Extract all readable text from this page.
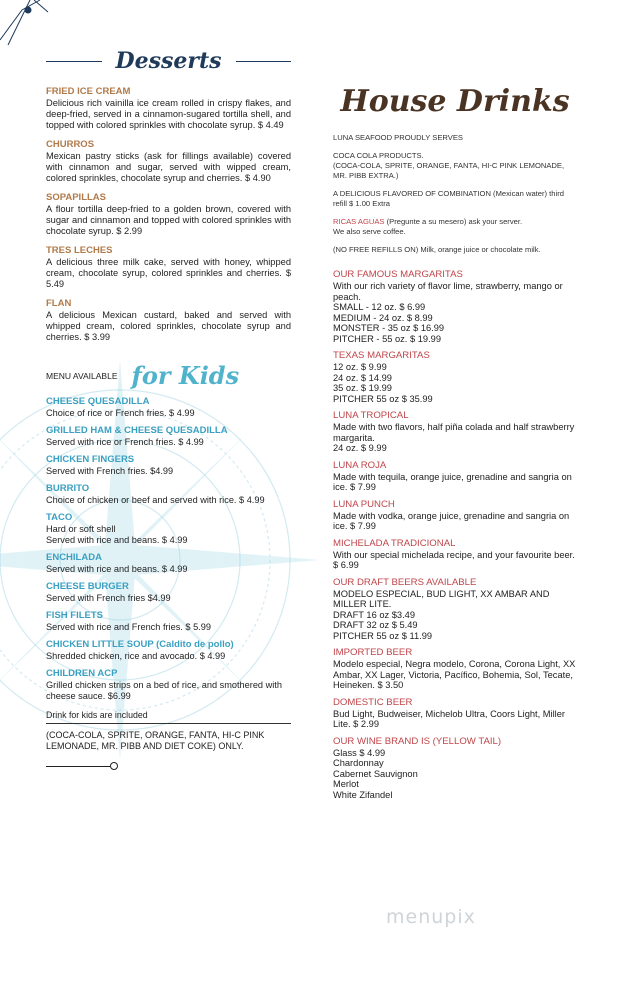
Desserts
FRIED ICE CREAM
Delicious rich vainilla ice cream rolled in crispy flakes, and deep-fried, served in a cinnamon-sugared tortilla shell, and topped with colored sprinkles with chocolate syrup. $ 4.49
CHURROS
Mexican pastry sticks (ask for fillings available) covered with cinnamon and sugar, served with wipped cream, colored sprinkles, chocolate syrup and cherries. $ 4.90
SOPAPILLAS
A flour tortilla deep-fried to a golden brown, covered with sugar and cinnamon and topped with colored sprinkles with chocolate syrup. $ 2.99
TRES LECHES
A delicious three milk cake, served with honey, whipped cream, chocolate syrup, colored sprinkles and cherries. $ 5.49
FLAN
A delicious Mexican custard, baked and served with whipped cream, colored sprinkles, chocolate syrup and cherries. $ 3.99
MENU AVAILABLE for Kids
CHEESE QUESADILLA
Choice of rice or French fries. $ 4.99
GRILLED HAM & CHEESE QUESADILLA
Served with rice or French fries. $ 4.99
CHICKEN FINGERS
Served with French fries. $4.99
BURRITO
Choice of chicken or beef and served with rice. $ 4.99
TACO
Hard or soft shell
Served with rice and beans. $ 4.99
ENCHILADA
Served with rice and beans. $ 4.99
CHEESE BURGER
Served with French fries $4.99
FISH FILETS
Served with rice and French fries. $ 5.99
CHICKEN LITTLE SOUP (Caldito de pollo)
Shredded chicken, rice and avocado. $ 4.99
CHILDREN ACP
Grilled chicken strips on a bed of rice, and smothered with cheese sauce. $6.99
Drink for kids are included
(COCA-COLA, SPRITE, ORANGE, FANTA, HI-C PINK LEMONADE, MR. PIBB AND DIET COKE) ONLY.
House Drinks
LUNA SEAFOOD PROUDLY SERVES
COCA COLA PRODUCTS.
(COCA-COLA, SPRITE, ORANGE, FANTA, HI-C PINK LEMONADE, MR. PIBB EXTRA.)
A DELICIOUS FLAVORED OF COMBINATION (Mexican water) third refill $ 1.00 Extra
RICAS AGUAS (Pregunte a su mesero) ask your server.
We also serve coffee.
(NO FREE REFILLS ON) Milk, orange juice or chocolate milk.
OUR FAMOUS MARGARITAS
With our rich variety of flavor lime, strawberry, mango or peach.
SMALL - 12 oz. $ 6.99
MEDIUM - 24 oz. $ 8.99
MONSTER - 35 oz $ 16.99
PITCHER - 55 oz. $ 19.99
TEXAS MARGARITAS
12 oz. $ 9.99
24 oz. $ 14.99
35 oz. $ 19.99
PITCHER 55 oz $ 35.99
LUNA TROPICAL
Made with two flavors, half piña colada and half strawberry margarita.
24 oz. $ 9.99
LUNA ROJA
Made with tequila, orange juice, grenadine and sangria on ice. $ 7.99
LUNA PUNCH
Made with vodka, orange juice, grenadine and sangria on ice. $ 7.99
MICHELADA TRADICIONAL
With our special michelada recipe, and your favourite beer. $ 6.99
OUR DRAFT BEERS AVAILABLE
MODELO ESPECIAL, BUD LIGHT, XX AMBAR AND MILLER LITE.
DRAFT 16 oz $3.49
DRAFT 32 oz $ 5.49
PITCHER 55 oz $ 11.99
IMPORTED BEER
Modelo especial, Negra modelo, Corona, Corona Light, XX Ambar, XX Lager, Victoria, Pacífico, Bohemia, Sol, Tecate, Heineken. $ 3.50
DOMESTIC BEER
Bud Light, Budweiser, Michelob Ultra, Coors Light, Miller Lite. $ 2.99
OUR WINE BRAND IS (YELLOW TAIL)
Glass $ 4.99
Chardonnay
Cabernet Sauvignon
Merlot
White Zifandel
menupix
